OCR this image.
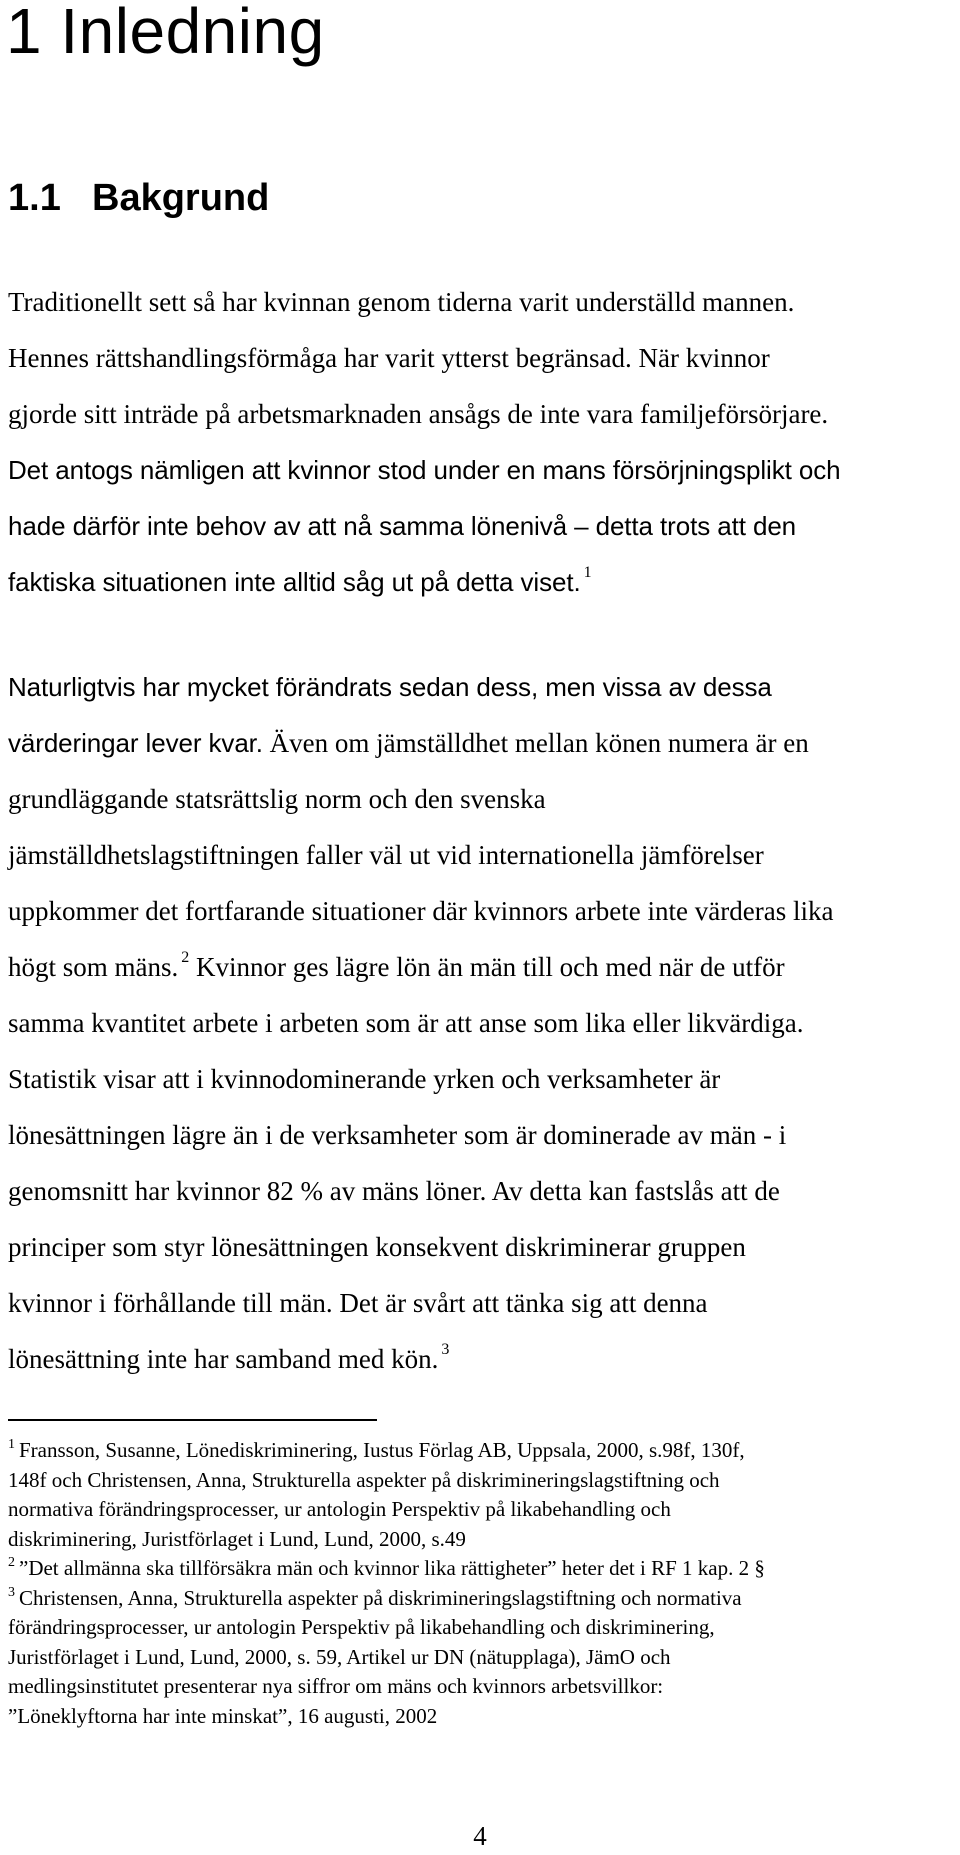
1 Inledning
1.1 Bakgrund

Traditionellt sett så har kvinnan genom tiderna varit underställd mannen.
Hennes rättshandlingsförmåga har varit ytterst begränsad. När kvinnor
gjorde sitt inträde på arbetsmarknaden ansågs de inte vara familjeförsörjare.
Det antogs nämligen att kvinnor stod under en mans försörjningsplikt och
hade därför inte behov av att nå samma lönenivå – detta trots att den
faktiska situationen inte alltid såg ut på detta viset. $^1$

Naturligtvis har mycket förändrats sedan dess, men vissa av dessa
värderingar lever kvar. Även om jämställdhet mellan könen numera är en
grundläggande statsrättslig norm och den svenska
jämställdhetslagstiftningen faller väl ut vid internationella jämförelser
uppkommer det fortfarande situationer där kvinnors arbete inte värderas lika
högt som mäns. $^2$ Kvinnor ges lägre lön än män till och med när de utför
samma kvantitet arbete i arbeten som är att anse som lika eller likvärdiga.
Statistik visar att i kvinnodominerande yrken och verksamheter är
lönesättningen lägre än i de verksamheter som är dominerade av män - i
genomsnitt har kvinnor 82 % av mäns löner. Av detta kan fastslås att de
principer som styr lönesättningen konsekvent diskriminerar gruppen
kvinnor i förhållande till män. Det är svårt att tänka sig att denna
lönesättning inte har samband med kön. $^3$

$^1$ Fransson, Susanne, Lönediskriminering, Iustus Förlag AB, Uppsala, 2000, s.98f, 130f,
148f och Christensen, Anna, Strukturella aspekter på diskrimineringslagstiftning och
normativa förändringsprocesser, ur antologin Perspektiv på likabehandling och
diskriminering, Juristförlaget i Lund, Lund, 2000, s.49
$^2$ ”Det allmänna ska tillförsäkra män och kvinnor lika rättigheter” heter det i RF 1 kap. 2 §
$^3$ Christensen, Anna, Strukturella aspekter på diskrimineringslagstiftning och normativa
förändringsprocesser, ur antologin Perspektiv på likabehandling och diskriminering,
Juristförlaget i Lund, Lund, 2000, s. 59, Artikel ur DN (nätupplaga), JämO och
medlingsinstitutet presenterar nya siffror om mäns och kvinnors arbetsvillkor:
”Löneklyftorna har inte minskat”, 16 augusti, 2002
4
